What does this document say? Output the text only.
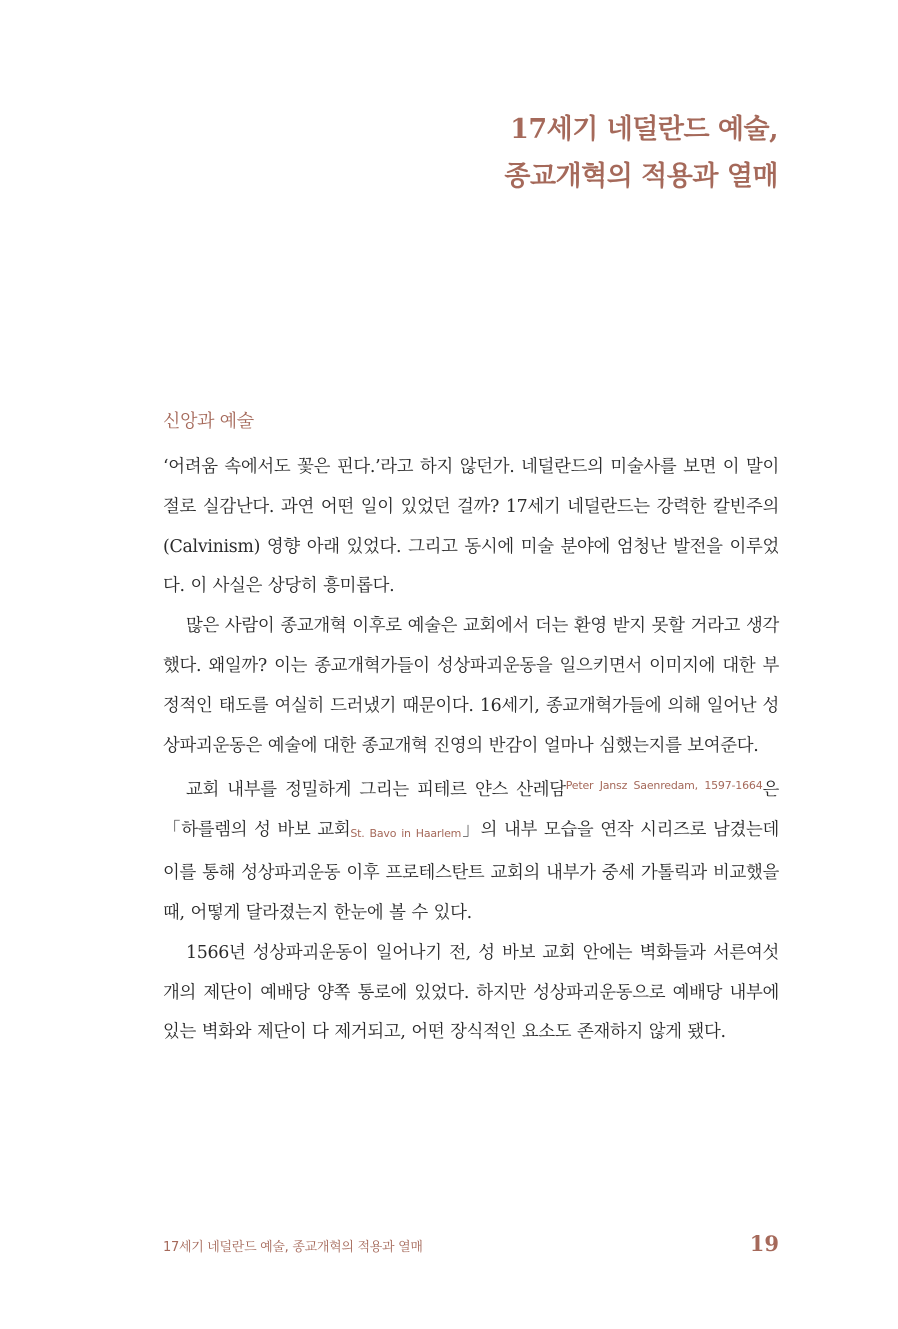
17세기 네덜란드 예술,
종교개혁의 적용과 열매
신앙과 예술

‘어려움 속에서도 꽃은 핀다.’라고 하지 않던가. 네덜란드의 미술사를 보면 이 말이 절로 실감난다. 과연 어떤 일이 있었던 걸까? 17세기 네덜란드는 강력한 칼빈주의(Calvinism) 영향 아래 있었다. 그리고 동시에 미술 분야에 엄청난 발전을 이루었다. 이 사실은 상당히 흥미롭다.

많은 사람이 종교개혁 이후로 예술은 교회에서 더는 환영 받지 못할 거라고 생각했다. 왜일까? 이는 종교개혁가들이 성상파괴운동을 일으키면서 이미지에 대한 부정적인 태도를 여실히 드러냈기 때문이다. 16세기, 종교개혁가들에 의해 일어난 성상파괴운동은 예술에 대한 종교개혁 진영의 반감이 얼마나 심했는지를 보여준다.

교회 내부를 정밀하게 그리는 피테르 얀스 산레담$^{Peter Jansz Saenredam, 1597-1664}$은 「하를렘의 성 바보 교회St. Bavo in Haarlem」의 내부 모습을 연작 시리즈로 남겼는데 이를 통해 성상파괴운동 이후 프로테스탄트 교회의 내부가 중세 가톨릭과 비교했을 때, 어떻게 달라졌는지 한눈에 볼 수 있다.

1566년 성상파괴운동이 일어나기 전, 성 바보 교회 안에는 벽화들과 서른여섯 개의 제단이 예배당 양쪽 통로에 있었다. 하지만 성상파괴운동으로 예배당 내부에 있는 벽화와 제단이 다 제거되고, 어떤 장식적인 요소도 존재하지 않게 됐다.

17세기 네덜란드 예술, 종교개혁의 적용과 열매	19
